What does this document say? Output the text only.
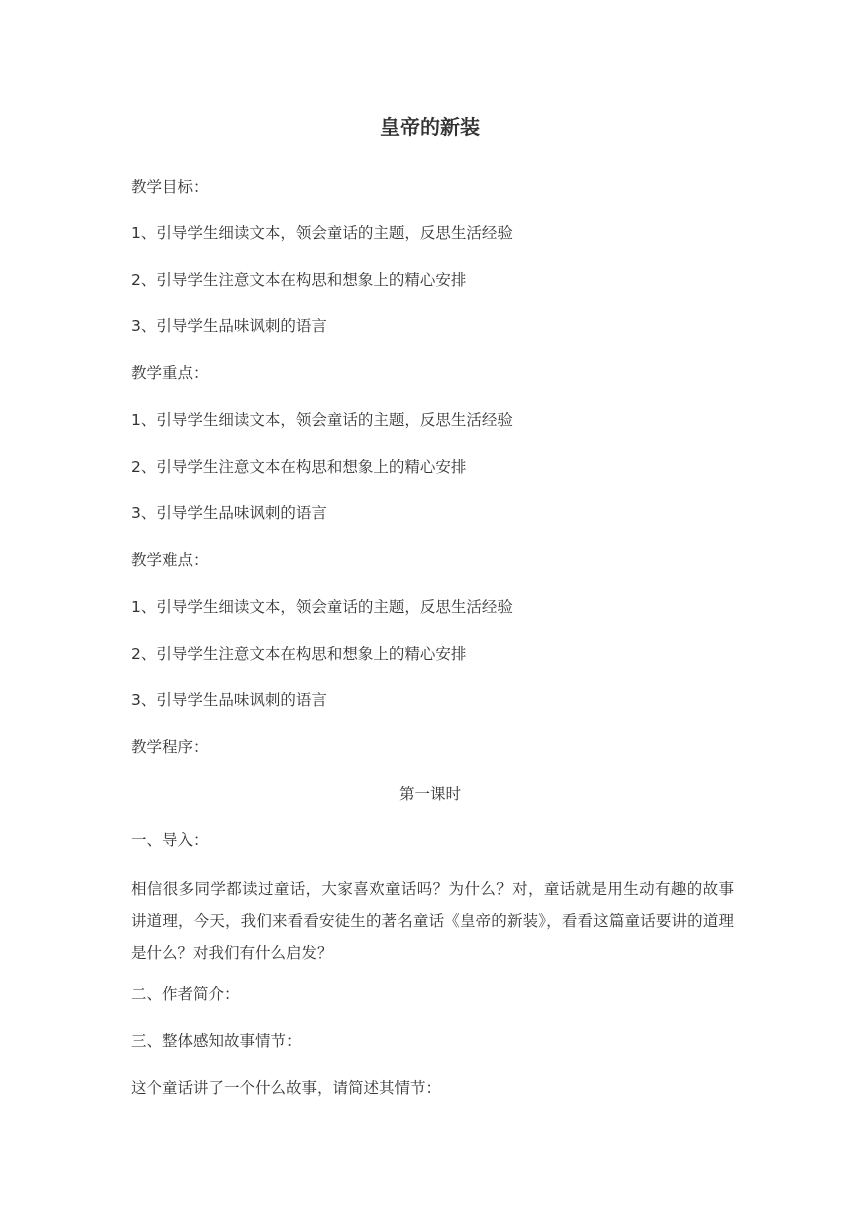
皇帝的新装

教学目标：

1、引导学生细读文本，领会童话的主题，反思生活经验

2、引导学生注意文本在构思和想象上的精心安排

3、引导学生品味讽刺的语言

教学重点：

1、引导学生细读文本，领会童话的主题，反思生活经验

2、引导学生注意文本在构思和想象上的精心安排

3、引导学生品味讽刺的语言

教学难点：

1、引导学生细读文本，领会童话的主题，反思生活经验

2、引导学生注意文本在构思和想象上的精心安排

3、引导学生品味讽刺的语言

教学程序：

第一课时

一、导入：

相信很多同学都读过童话，大家喜欢童话吗？为什么？对，童话就是用生动有趣的故事讲道理，今天，我们来看看安徒生的著名童话《皇帝的新装》，看看这篇童话要讲的道理是什么？对我们有什么启发？

二、作者简介：

三、整体感知故事情节：

这个童话讲了一个什么故事，请简述其情节：
